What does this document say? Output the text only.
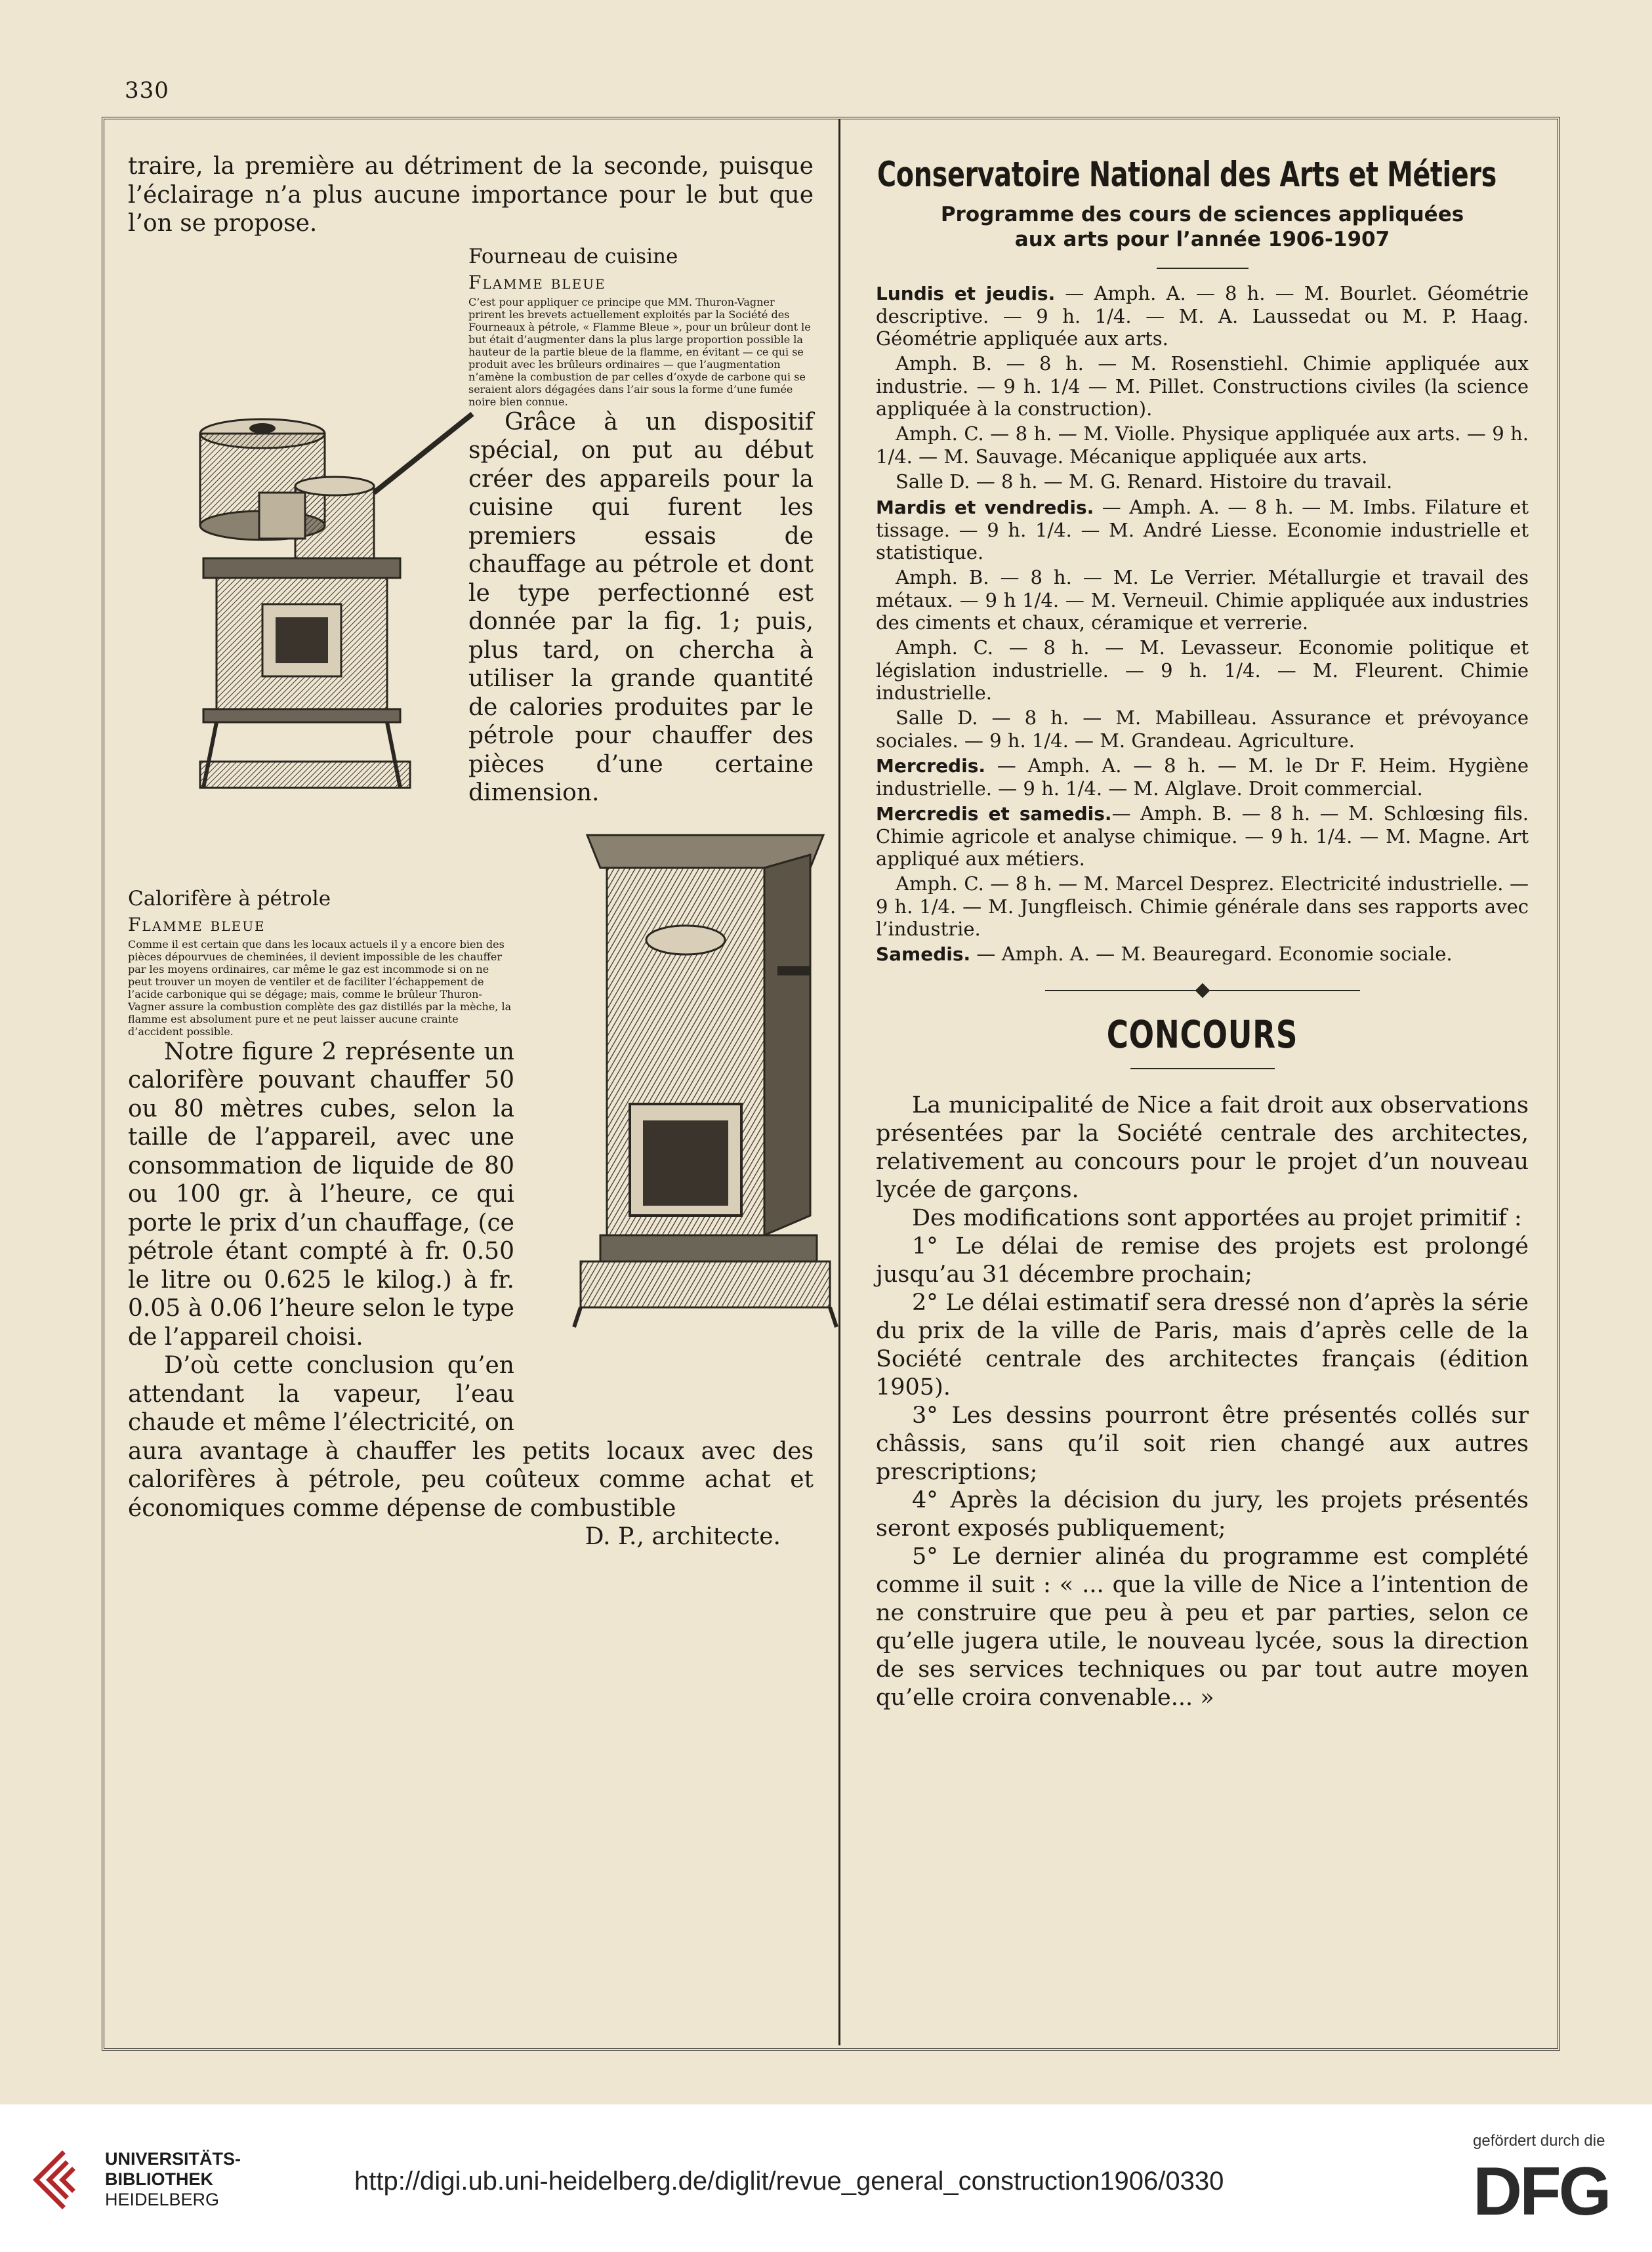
330

traire, la première au détriment de la seconde, puisque l’éclairage n’a plus aucune importance pour le but que l’on se propose.

Fourneau de cuisine
Flamme bleue
C’est pour appliquer ce principe que MM. Thuron-Vagner prirent les brevets actuellement exploités par la Société des Fourneaux à pétrole, « Flamme Bleue », pour un brûleur dont le but était d’augmenter dans la plus large proportion possible la hauteur de la partie bleue de la flamme, en évitant — ce qui se produit avec les brûleurs ordinaires — que l’augmentation n’amène la combustion de par celles d’oxyde de carbone qui se seraient alors dégagées dans l’air sous la forme d’une fumée noire bien connue.

Grâce à un dispositif spécial, on put au début créer des appareils pour la cuisine qui furent les premiers essais de chauffage au pétrole et dont le type perfectionné est donnée par la fig. 1; puis, plus tard, on chercha à utiliser la grande quantité de calories produites par le pétrole pour chauffer des pièces d’une certaine dimension.

Calorifère à pétrole
Flamme bleue
Comme il est certain que dans les locaux actuels il y a encore bien des pièces dépourvues de cheminées, il devient impossible de les chauffer par les moyens ordinaires, car même le gaz est incommode si on ne peut trouver un moyen de ventiler et de faciliter l’échappement de l’acide carbonique qui se dégage; mais, comme le brûleur Thuron-Vagner assure la combustion complète des gaz distillés par la mèche, la flamme est absolument pure et ne peut laisser aucune crainte d’accident possible.

Notre figure 2 représente un calorifère pouvant chauffer 50 ou 80 mètres cubes, selon la taille de l’appareil, avec une consommation de liquide de 80 ou 100 gr. à l’heure, ce qui porte le prix d’un chauffage, (ce pétrole étant compté à fr. 0.50 le litre ou 0.625 le kilog.) à fr. 0.05 à 0.06 l’heure selon le type de l’appareil choisi.

D’où cette conclusion qu’en attendant la vapeur, l’eau chaude et même l’électricité, on aura avantage à chauffer les petits locaux avec des calorifères à pétrole, peu coûteux comme achat et économiques comme dépense de combustible

D. P., architecte.

Conservatoire National des Arts et Métiers
Programme des cours de sciences appliquées
aux arts pour l’année 1906-1907

Lundis et jeudis. — Amph. A. — 8 h. — M. Bourlet. Géométrie descriptive. — 9 h. 1/4. — M. A. Laussedat ou M. P. Haag. Géométrie appliquée aux arts.

Amph. B. — 8 h. — M. Rosenstiehl. Chimie appliquée aux industrie. — 9 h. 1/4 — M. Pillet. Constructions civiles (la science appliquée à la construction).

Amph. C. — 8 h. — M. Violle. Physique appliquée aux arts. — 9 h. 1/4. — M. Sauvage. Mécanique appliquée aux arts.

Salle D. — 8 h. — M. G. Renard. Histoire du travail.

Mardis et vendredis. — Amph. A. — 8 h. — M. Imbs. Filature et tissage. — 9 h. 1/4. — M. André Liesse. Economie industrielle et statistique.

Amph. B. — 8 h. — M. Le Verrier. Métallurgie et travail des métaux. — 9 h 1/4. — M. Verneuil. Chimie appliquée aux industries des ciments et chaux, céramique et verrerie.

Amph. C. — 8 h. — M. Levasseur. Economie politique et législation industrielle. — 9 h. 1/4. — M. Fleurent. Chimie industrielle.

Salle D. — 8 h. — M. Mabilleau. Assurance et prévoyance sociales. — 9 h. 1/4. — M. Grandeau. Agriculture.

Mercredis. — Amph. A. — 8 h. — M. le Dr F. Heim. Hygiène industrielle. — 9 h. 1/4. — M. Alglave. Droit commercial.

Mercredis et samedis.— Amph. B. — 8 h. — M. Schlœsing fils. Chimie agricole et analyse chimique. — 9 h. 1/4. — M. Magne. Art appliqué aux métiers.

Amph. C. — 8 h. — M. Marcel Desprez. Electricité industrielle. — 9 h. 1/4. — M. Jungfleisch. Chimie générale dans ses rapports avec l’industrie.

Samedis. — Amph. A. — M. Beauregard. Economie sociale.

CONCOURS

La municipalité de Nice a fait droit aux observations présentées par la Société centrale des architectes, relativement au concours pour le projet d’un nouveau lycée de garçons.

Des modifications sont apportées au projet primitif :

1° Le délai de remise des projets est prolongé jusqu’au 31 décembre prochain;

2° Le délai estimatif sera dressé non d’après la série du prix de la ville de Paris, mais d’après celle de la Société centrale des architectes français (édition 1905).

3° Les dessins pourront être présentés collés sur châssis, sans qu’il soit rien changé aux autres prescriptions;

4° Après la décision du jury, les projets présentés seront exposés publiquement;

5° Le dernier alinéa du programme est complété comme il suit : « ... que la ville de Nice a l’intention de ne construire que peu à peu et par parties, selon ce qu’elle jugera utile, le nouveau lycée, sous la direction de ses services techniques ou par tout autre moyen qu’elle croira convenable... »

UNIVERSITÄTS-
BIBLIOTHEK
HEIDELBERG
http://digi.ub.uni-heidelberg.de/diglit/revue_general_construction1906/0330
gefördert durch die
DFG
